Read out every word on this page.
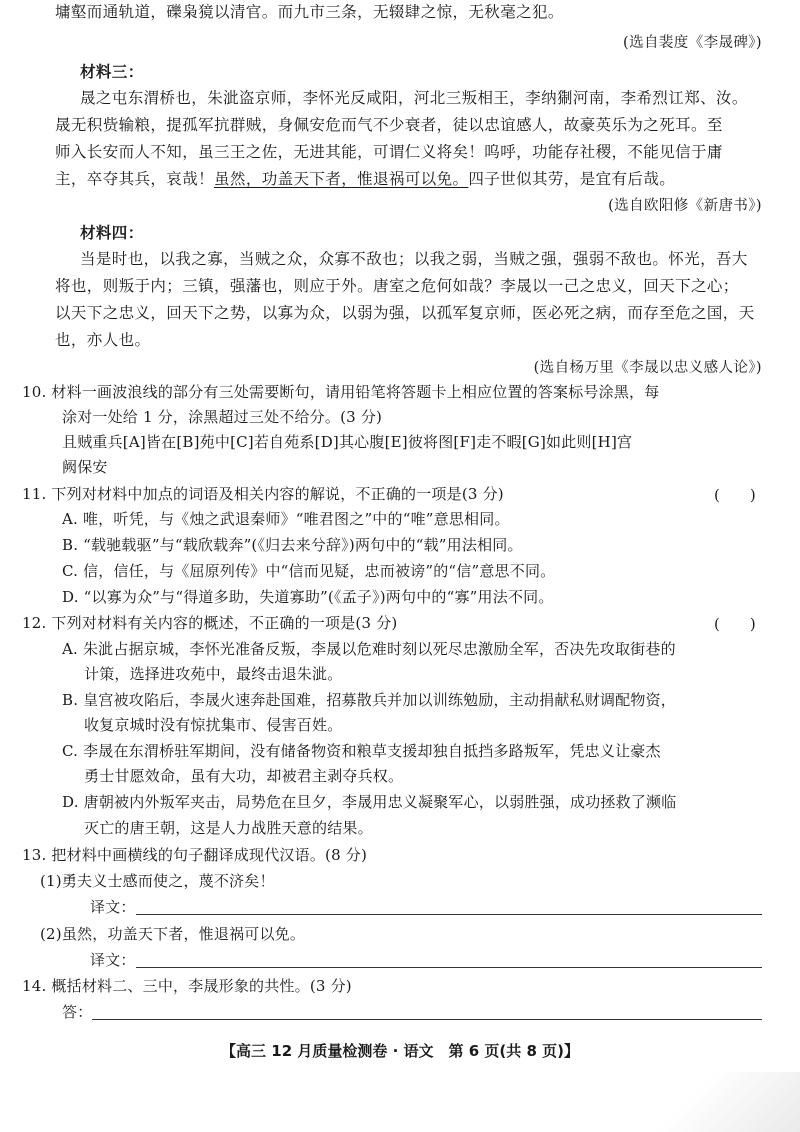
墉壑而通轨道，礫枭獍以清官。而九市三条，无辍肆之惊，无秋毫之犯。
(选自裴度《李晟碑》)
材料三：
晟之屯东渭桥也，朱泚盗京师，李怀光反咸阳，河北三叛相王，李纳猘河南，李希烈讧郑、汝。
晟无积赀输粮，提孤军抗群贼，身佩安危而气不少衰者，徒以忠谊感人，故豪英乐为之死耳。至
师入长安而人不知，虽三王之佐，无进其能，可谓仁义将矣！呜呼，功能存社稷，不能见信于庸
主，卒夺其兵，哀哉！虽然，功盖天下者，惟退祸可以免。四子世似其劳，是宜有后哉。
(选自欧阳修《新唐书》)
材料四：
当是时也，以我之寡，当贼之众，众寡不敌也；以我之弱，当贼之强，强弱不敌也。怀光，吾大
将也，则叛于内；三镇，强藩也，则应于外。唐室之危何如哉？李晟以一己之忠义，回天下之心；
以天下之忠义，回天下之势，以寡为众，以弱为强，以孤军复京师，医必死之病，而存至危之国，天
也，亦人也。
(选自杨万里《李晟以忠义感人论》)
10. 材料一画波浪线的部分有三处需要断句，请用铅笔将答题卡上相应位置的答案标号涂黑，每
涂对一处给 1 分，涂黑超过三处不给分。(3 分)
且贼重兵[A]皆在[B]苑中[C]若自苑系[D]其心腹[E]彼将图[F]走不暇[G]如此则[H]宫
阙保安
11. 下列对材料中加点的词语及相关内容的解说，不正确的一项是(3 分)	(　　)
A. 唯，听凭，与《烛之武退秦师》“唯君图之”中的“唯”意思相同。
B. “载驰载驱”与“载欣载奔”(《归去来兮辞》)两句中的“载”用法相同。
C. 信，信任，与《屈原列传》中“信而见疑，忠而被谤”的“信”意思不同。
D. “以寡为众”与“得道多助，失道寡助”(《孟子》)两句中的“寡”用法不同。
12. 下列对材料有关内容的概述，不正确的一项是(3 分)	(　　)
A. 朱泚占据京城，李怀光准备反叛，李晟以危难时刻以死尽忠激励全军，否决先攻取街巷的
计策，选择进攻苑中，最终击退朱泚。
B. 皇宫被攻陷后，李晟火速奔赴国难，招募散兵并加以训练勉励，主动捐献私财调配物资，
收复京城时没有惊扰集市、侵害百姓。
C. 李晟在东渭桥驻军期间，没有储备物资和粮草支援却独自抵挡多路叛军，凭忠义让豪杰
勇士甘愿效命，虽有大功，却被君主剥夺兵权。
D. 唐朝被内外叛军夹击，局势危在旦夕，李晟用忠义凝聚军心，以弱胜强，成功拯救了濒临
灭亡的唐王朝，这是人力战胜天意的结果。
13. 把材料中画横线的句子翻译成现代汉语。(8 分)
(1)勇夫义士感而使之，蔑不济矣！
译文：
(2)虽然，功盖天下者，惟退祸可以免。
译文：
14. 概括材料二、三中，李晟形象的共性。(3 分)
答：
【高三 12 月质量检测卷 · 语文　第 6 页(共 8 页)】
